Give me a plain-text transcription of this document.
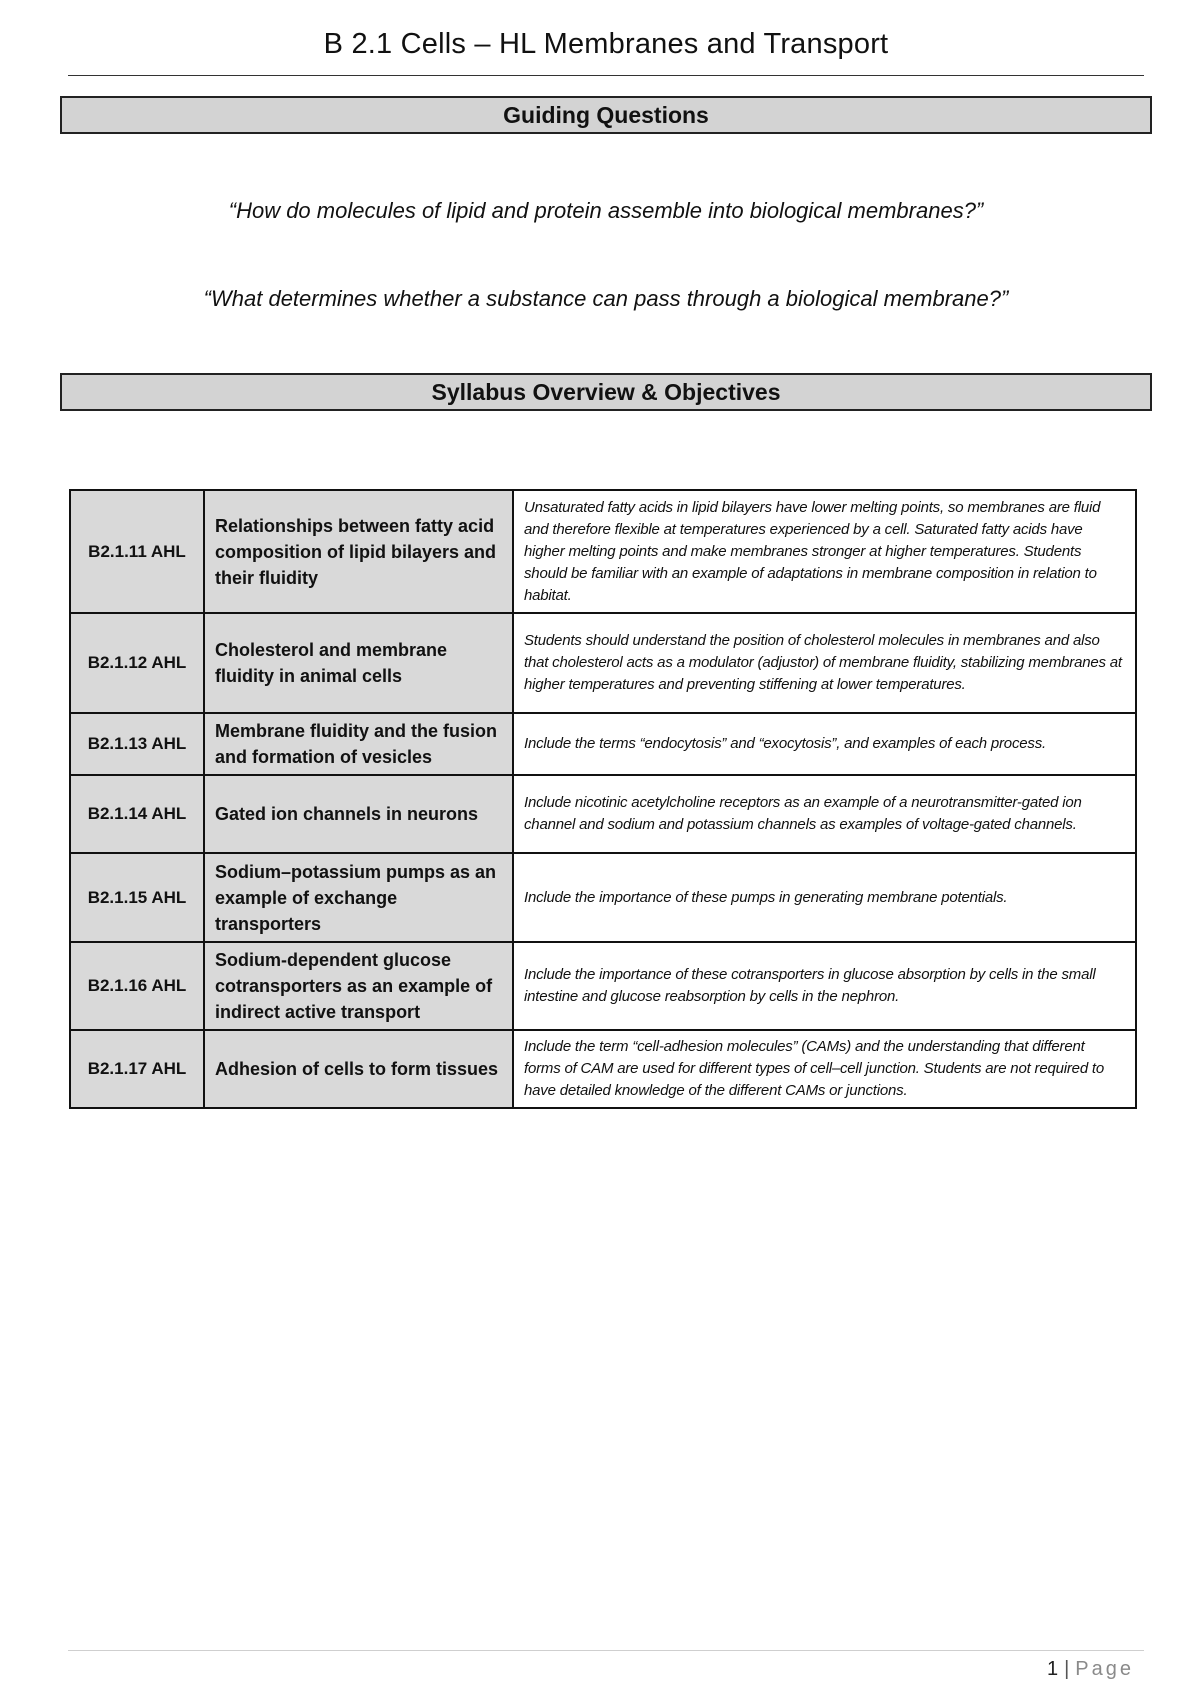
B 2.1 Cells – HL Membranes and Transport
Guiding Questions
“How do molecules of lipid and protein assemble into biological membranes?”
“What determines whether a substance can pass through a biological membrane?”
Syllabus Overview & Objectives
B2.1.11 AHL	Relationships between fatty acid composition of lipid bilayers and their fluidity	Unsaturated fatty acids in lipid bilayers have lower melting points, so membranes are fluid and therefore flexible at temperatures experienced by a cell. Saturated fatty acids have higher melting points and make membranes stronger at higher temperatures. Students should be familiar with an example of adaptations in membrane composition in relation to habitat.
B2.1.12 AHL	Cholesterol and membrane fluidity in animal cells	Students should understand the position of cholesterol molecules in membranes and also that cholesterol acts as a modulator (adjustor) of membrane fluidity, stabilizing membranes at higher temperatures and preventing stiffening at lower temperatures.
B2.1.13 AHL	Membrane fluidity and the fusion and formation of vesicles	Include the terms “endocytosis” and “exocytosis”, and examples of each process.
B2.1.14 AHL	Gated ion channels in neurons	Include nicotinic acetylcholine receptors as an example of a neurotransmitter-gated ion channel and sodium and potassium channels as examples of voltage-gated channels.
B2.1.15 AHL	Sodium–potassium pumps as an example of exchange transporters	Include the importance of these pumps in generating membrane potentials.
B2.1.16 AHL	Sodium-dependent glucose cotransporters as an example of indirect active transport	Include the importance of these cotransporters in glucose absorption by cells in the small intestine and glucose reabsorption by cells in the nephron.
B2.1.17 AHL	Adhesion of cells to form tissues	Include the term “cell-adhesion molecules” (CAMs) and the understanding that different forms of CAM are used for different types of cell–cell junction. Students are not required to have detailed knowledge of the different CAMs or junctions.
1 | Page
